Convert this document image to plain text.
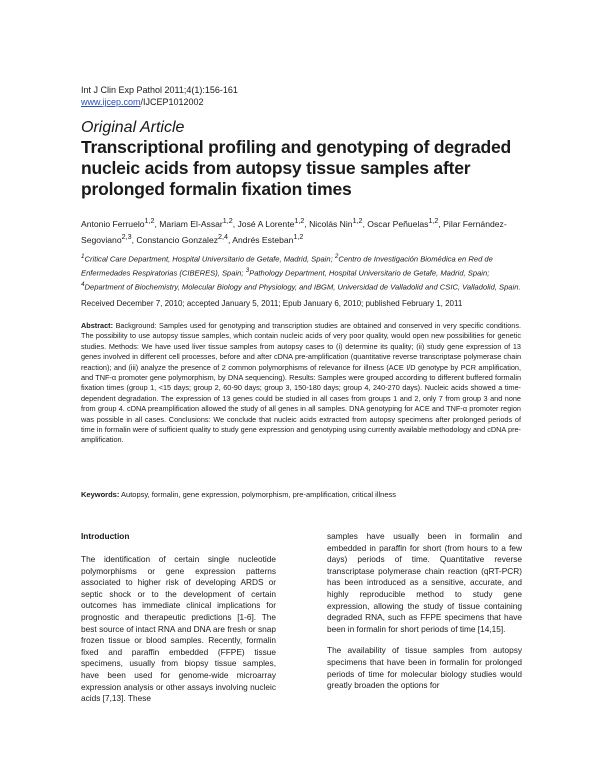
Int J Clin Exp Pathol 2011;4(1):156-161
www.ijcep.com/IJCEP1012002
Original Article
Transcriptional profiling and genotyping of degraded nucleic acids from autopsy tissue samples after prolonged formalin fixation times
Antonio Ferruelo$^{1,2}$, Mariam El-Assar$^{1,2}$, José A Lorente$^{1,2}$, Nicolás Nin$^{1,2}$, Oscar Peñuelas$^{1,2}$, Pilar Fernández-Segoviano$^{2,3}$, Constancio Gonzalez$^{2,4}$, Andrés Esteban$^{1,2}$
$^1$Critical Care Department, Hospital Universitario de Getafe, Madrid, Spain; $^2$Centro de Investigación Biomédica en Red de Enfermedades Respiratorias (CIBERES), Spain; $^3$Pathology Department, Hospital Universitario de Getafe, Madrid, Spain; $^4$Department of Biochemistry, Molecular Biology and Physiology, and IBGM, Universidad de Valladolid and CSIC, Valladolid, Spain.
Received December 7, 2010; accepted January 5, 2011; Epub January 6, 2010; published February 1, 2011
Abstract: Background: Samples used for genotyping and transcription studies are obtained and conserved in very specific conditions. The possibility to use autopsy tissue samples, which contain nucleic acids of very poor quality, would open new possibilities for genetic studies. Methods: We have used liver tissue samples from autopsy cases to (i) determine its quality; (ii) study gene expression of 13 genes involved in different cell processes, before and after cDNA pre-amplification (quantitative reverse transcriptase polymerase chain reaction); and (iii) analyze the presence of 2 common polymorphisms of relevance for illness (ACE I/D genotype by PCR amplification, and TNF-α promoter gene polymorphism, by DNA sequencing). Results: Samples were grouped according to different buffered formalin fixation times (group 1, <15 days; group 2, 60-90 days; group 3, 150-180 days; group 4, 240-270 days). Nucleic acids showed a time-dependent degradation. The expression of 13 genes could be studied in all cases from groups 1 and 2, only 7 from group 3 and none from group 4. cDNA preamplification allowed the study of all genes in all samples. DNA genotyping for ACE and TNF-α promoter region was possible in all cases. Conclusions: We conclude that nucleic acids extracted from autopsy specimens after prolonged periods of time in formalin were of sufficient quality to study gene expression and genotyping using currently available methodology and cDNA pre-amplification.
Keywords: Autopsy, formalin, gene expression, polymorphism, pre-amplification, critical illness
Introduction

The identification of certain single nucleotide polymorphisms or gene expression patterns associated to higher risk of developing ARDS or septic shock or to the development of certain outcomes has immediate clinical implications for prognostic and therapeutic predictions [1-6]. The best source of intact RNA and DNA are fresh or snap frozen tissue or blood samples. Recently, formalin fixed and paraffin embedded (FFPE) tissue specimens, usually from biopsy tissue samples, have been used for genome-wide microarray expression analysis or other assays involving nucleic acids [7,13]. These

samples have usually been in formalin and embedded in paraffin for short (from hours to a few days) periods of time. Quantitative reverse transcriptase polymerase chain reaction (qRT-PCR) has been introduced as a sensitive, accurate, and highly reproducible method to study gene expression, allowing the study of tissue containing degraded RNA, such as FFPE specimens that have been in formalin for short periods of time [14,15].

The availability of tissue samples from autopsy specimens that have been in formalin for prolonged periods of time for molecular biology studies would greatly broaden the options for
